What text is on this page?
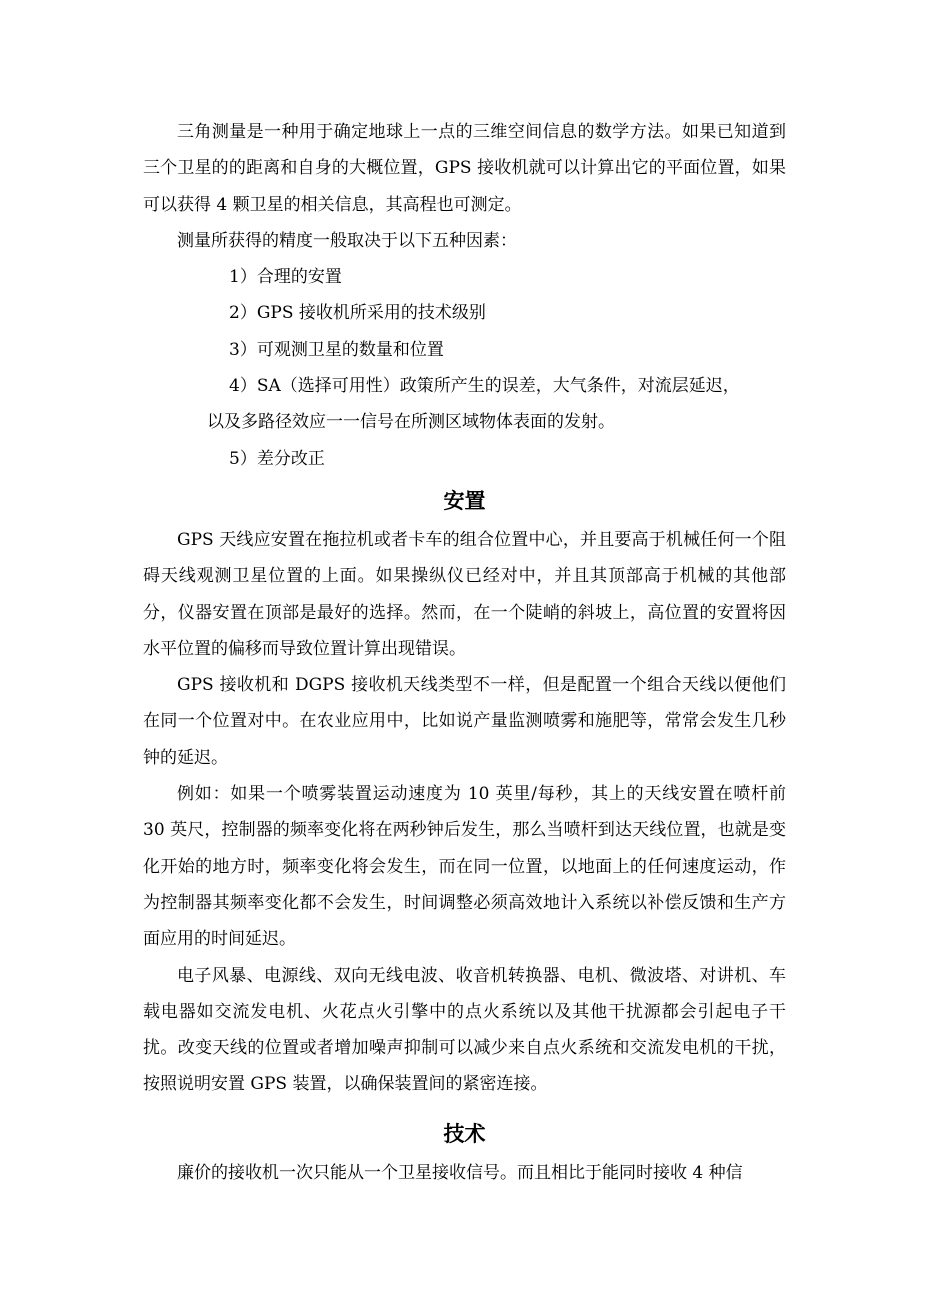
三角测量是一种用于确定地球上一点的三维空间信息的数学方法。如果已知道到三个卫星的的距离和自身的大概位置，GPS 接收机就可以计算出它的平面位置，如果可以获得 4 颗卫星的相关信息，其高程也可测定。

测量所获得的精度一般取决于以下五种因素：

1）合理的安置

2）GPS 接收机所采用的技术级别

3）可观测卫星的数量和位置

4）SA（选择可用性）政策所产生的误差，大气条件，对流层延迟，

以及多路径效应一一信号在所测区域物体表面的发射。

5）差分改正

安置

GPS 天线应安置在拖拉机或者卡车的组合位置中心，并且要高于机械任何一个阻碍天线观测卫星位置的上面。如果操纵仪已经对中，并且其顶部高于机械的其他部分，仪器安置在顶部是最好的选择。然而，在一个陡峭的斜坡上，高位置的安置将因水平位置的偏移而导致位置计算出现错误。

GPS 接收机和 DGPS 接收机天线类型不一样，但是配置一个组合天线以便他们在同一个位置对中。在农业应用中，比如说产量监测喷雾和施肥等，常常会发生几秒钟的延迟。

例如：如果一个喷雾装置运动速度为 10 英里/每秒，其上的天线安置在喷杆前 30 英尺，控制器的频率变化将在两秒钟后发生，那么当喷杆到达天线位置，也就是变化开始的地方时，频率变化将会发生，而在同一位置，以地面上的任何速度运动，作为控制器其频率变化都不会发生，时间调整必须高效地计入系统以补偿反馈和生产方面应用的时间延迟。

电子风暴、电源线、双向无线电波、收音机转换器、电机、微波塔、对讲机、车载电器如交流发电机、火花点火引擎中的点火系统以及其他干扰源都会引起电子干扰。改变天线的位置或者增加噪声抑制可以减少来自点火系统和交流发电机的干扰，按照说明安置 GPS 装置，以确保装置间的紧密连接。

技术

廉价的接收机一次只能从一个卫星接收信号。而且相比于能同时接收 4 种信
